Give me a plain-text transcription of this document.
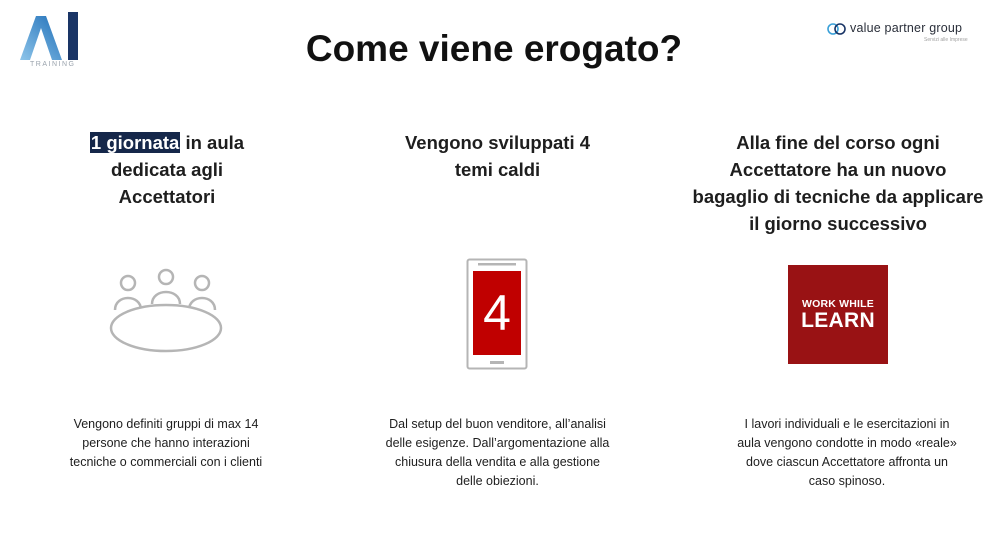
TRAINING	Come viene erogato?	value partner group
Servizi alle Imprese
1 giornata in aula dedicata agli Accettatori
Vengono definiti gruppi di max 14 persone che hanno interazioni tecniche o commerciali con i clienti
Vengono sviluppati 4 temi caldi
4
Dal setup del buon venditore, all’analisi delle esigenze. Dall’argomentazione alla chiusura della vendita e alla gestione delle obiezioni.
Alla fine del corso ogni Accettatore ha un nuovo bagaglio di tecniche da applicare il giorno successivo
WORK WHILE
LEARN
I lavori individuali e le esercitazioni in aula vengono condotte in modo «reale» dove ciascun Accettatore affronta un caso spinoso.
